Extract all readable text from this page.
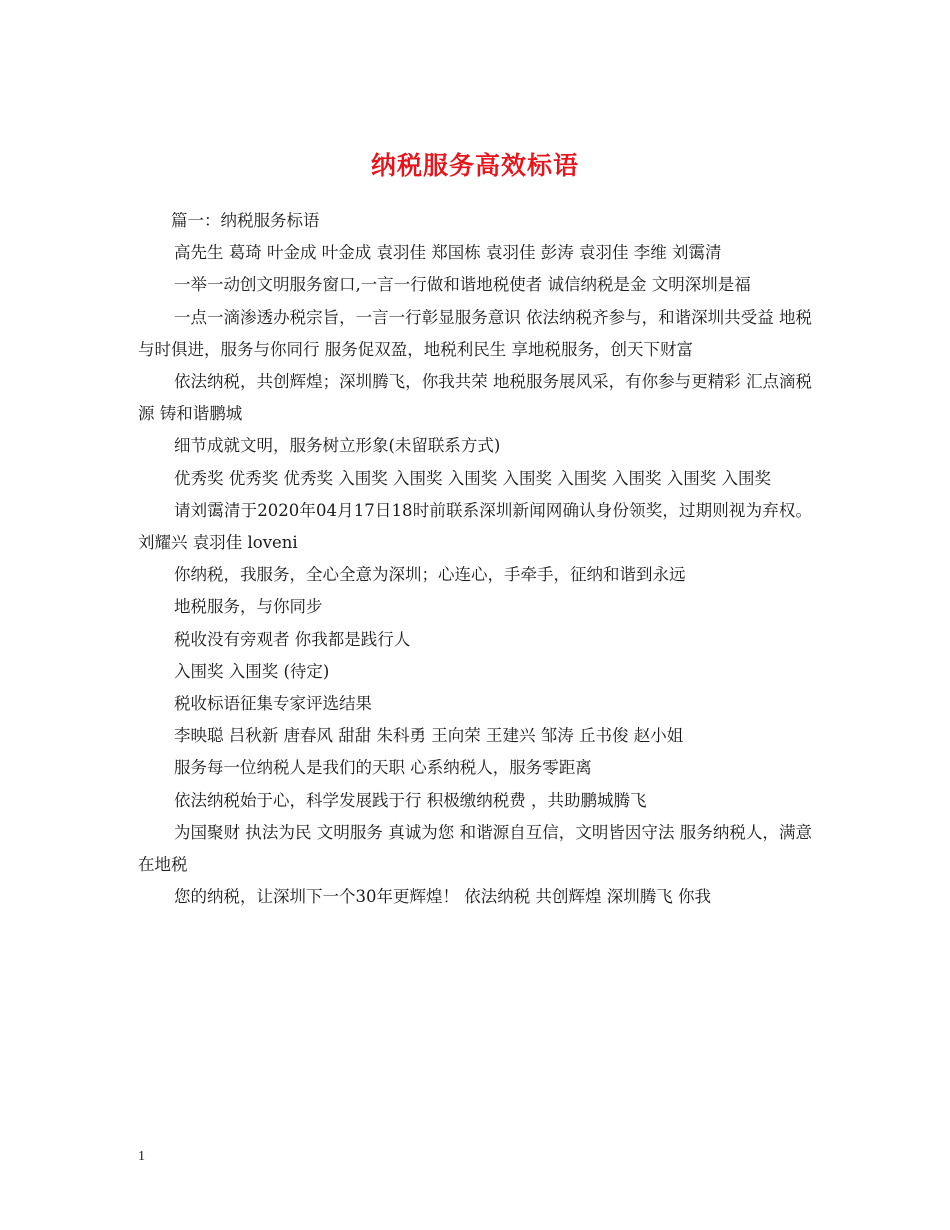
纳税服务高效标语

篇一：纳税服务标语

高先生 葛琦 叶金成 叶金成 袁羽佳 郑国栋 袁羽佳 彭涛 袁羽佳 李维 刘霭清

一举一动创文明服务窗口,一言一行做和谐地税使者 诚信纳税是金 文明深圳是福

一点一滴渗透办税宗旨，一言一行彰显服务意识 依法纳税齐参与，和谐深圳共受益 地税与时俱进，服务与你同行 服务促双盈，地税利民生 享地税服务，创天下财富

依法纳税，共创辉煌；深圳腾飞，你我共荣 地税服务展风采，有你参与更精彩 汇点滴税源 铸和谐鹏城

细节成就文明，服务树立形象(未留联系方式)

优秀奖 优秀奖 优秀奖 入围奖 入围奖 入围奖 入围奖 入围奖 入围奖 入围奖 入围奖

请刘霭清于2020年04月17日18时前联系深圳新闻网确认身份领奖，过期则视为弃权。 刘耀兴 袁羽佳 loveni

你纳税，我服务，全心全意为深圳；心连心，手牵手，征纳和谐到永远

地税服务，与你同步

税收没有旁观者 你我都是践行人

入围奖 入围奖 (待定)

税收标语征集专家评选结果

李映聪 吕秋新 唐春风 甜甜 朱科勇 王向荣 王建兴 邹涛 丘书俊 赵小姐

服务每一位纳税人是我们的天职 心系纳税人，服务零距离

依法纳税始于心，科学发展践于行 积极缴纳税费 ，共助鹏城腾飞

为国聚财 执法为民 文明服务 真诚为您 和谐源自互信，文明皆因守法 服务纳税人，满意在地税

您的纳税，让深圳下一个30年更辉煌！ 依法纳税 共创辉煌 深圳腾飞 你我

1
